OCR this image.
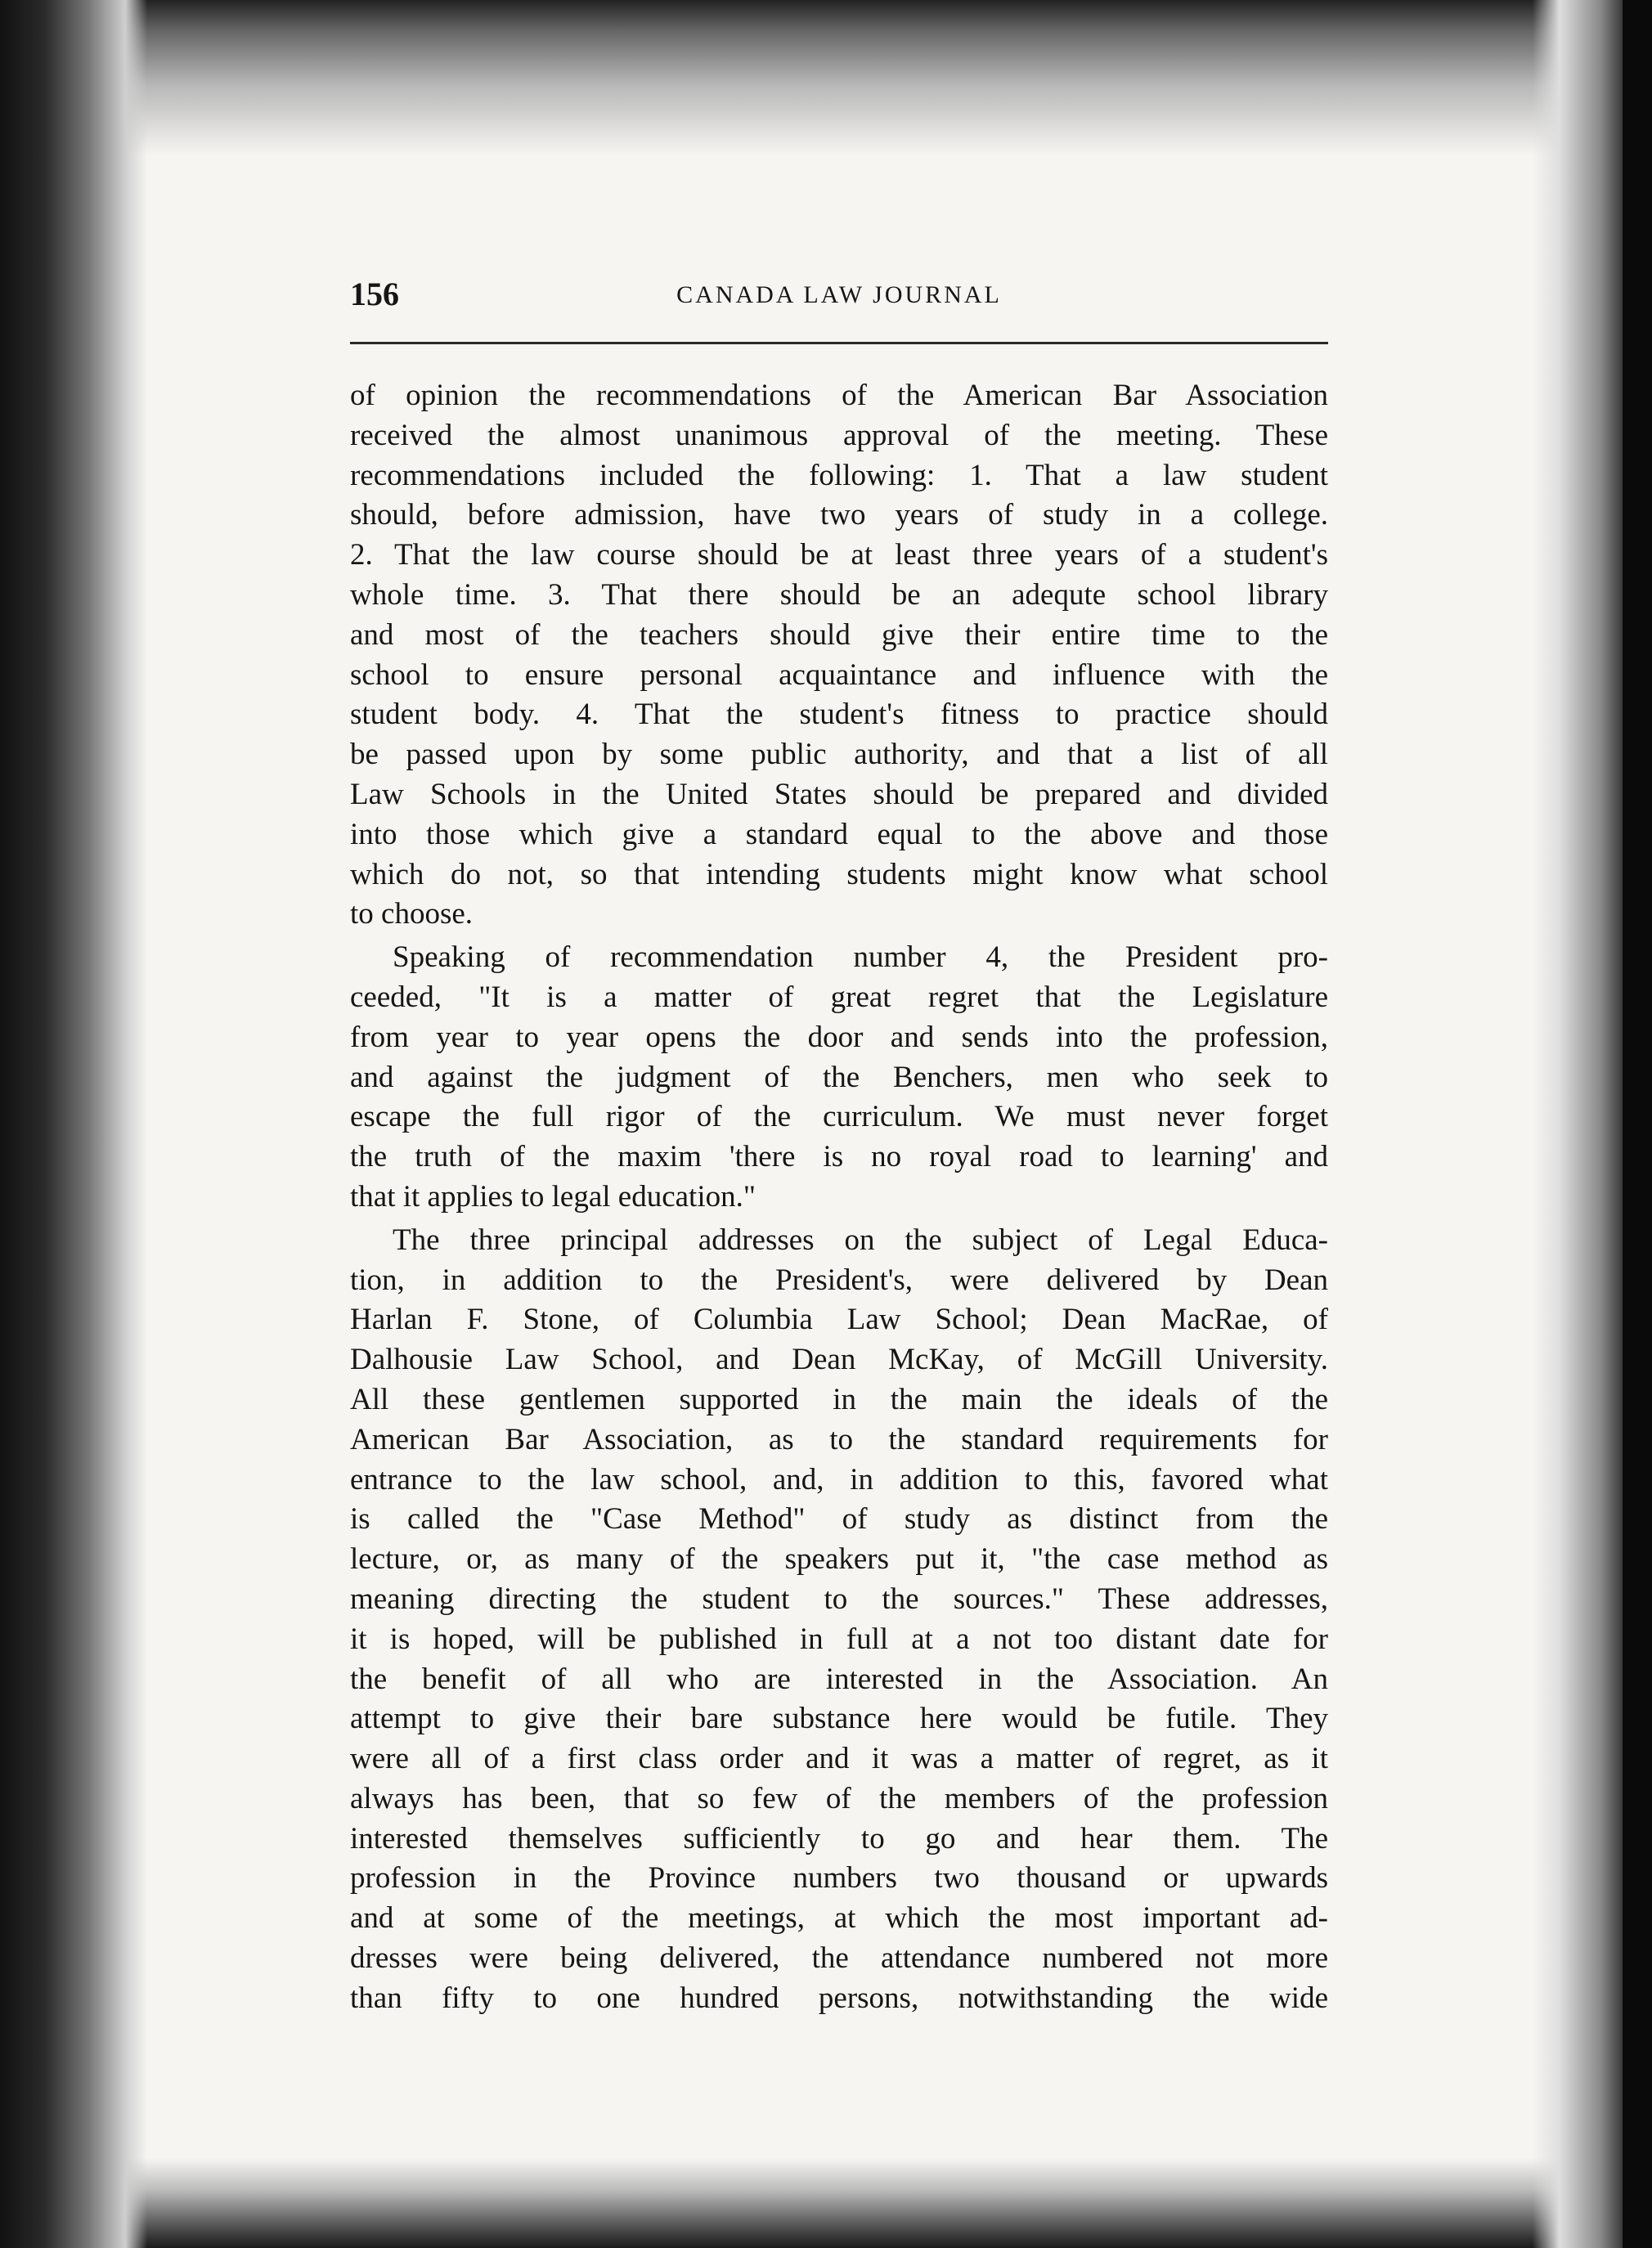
156	CANADA LAW JOURNAL
of opinion the recommendations of the American Bar Association
received the almost unanimous approval of the meeting. These
recommendations included the following: 1. That a law student
should, before admission, have two years of study in a college.
2. That the law course should be at least three years of a student's
whole time. 3. That there should be an adequte school library
and most of the teachers should give their entire time to the
school to ensure personal acquaintance and influence with the
student body. 4. That the student's fitness to practice should
be passed upon by some public authority, and that a list of all
Law Schools in the United States should be prepared and divided
into those which give a standard equal to the above and those
which do not, so that intending students might know what school
to choose.
Speaking of recommendation number 4, the President pro-
ceeded, "It is a matter of great regret that the Legislature
from year to year opens the door and sends into the profession,
and against the judgment of the Benchers, men who seek to
escape the full rigor of the curriculum. We must never forget
the truth of the maxim 'there is no royal road to learning' and
that it applies to legal education."
The three principal addresses on the subject of Legal Educa-
tion, in addition to the President's, were delivered by Dean
Harlan F. Stone, of Columbia Law School; Dean MacRae, of
Dalhousie Law School, and Dean McKay, of McGill University.
All these gentlemen supported in the main the ideals of the
American Bar Association, as to the standard requirements for
entrance to the law school, and, in addition to this, favored what
is called the "Case Method" of study as distinct from the
lecture, or, as many of the speakers put it, "the case method as
meaning directing the student to the sources." These addresses,
it is hoped, will be published in full at a not too distant date for
the benefit of all who are interested in the Association. An
attempt to give their bare substance here would be futile. They
were all of a first class order and it was a matter of regret, as it
always has been, that so few of the members of the profession
interested themselves sufficiently to go and hear them. The
profession in the Province numbers two thousand or upwards
and at some of the meetings, at which the most important ad-
dresses were being delivered, the attendance numbered not more
than fifty to one hundred persons, notwithstanding the wide
